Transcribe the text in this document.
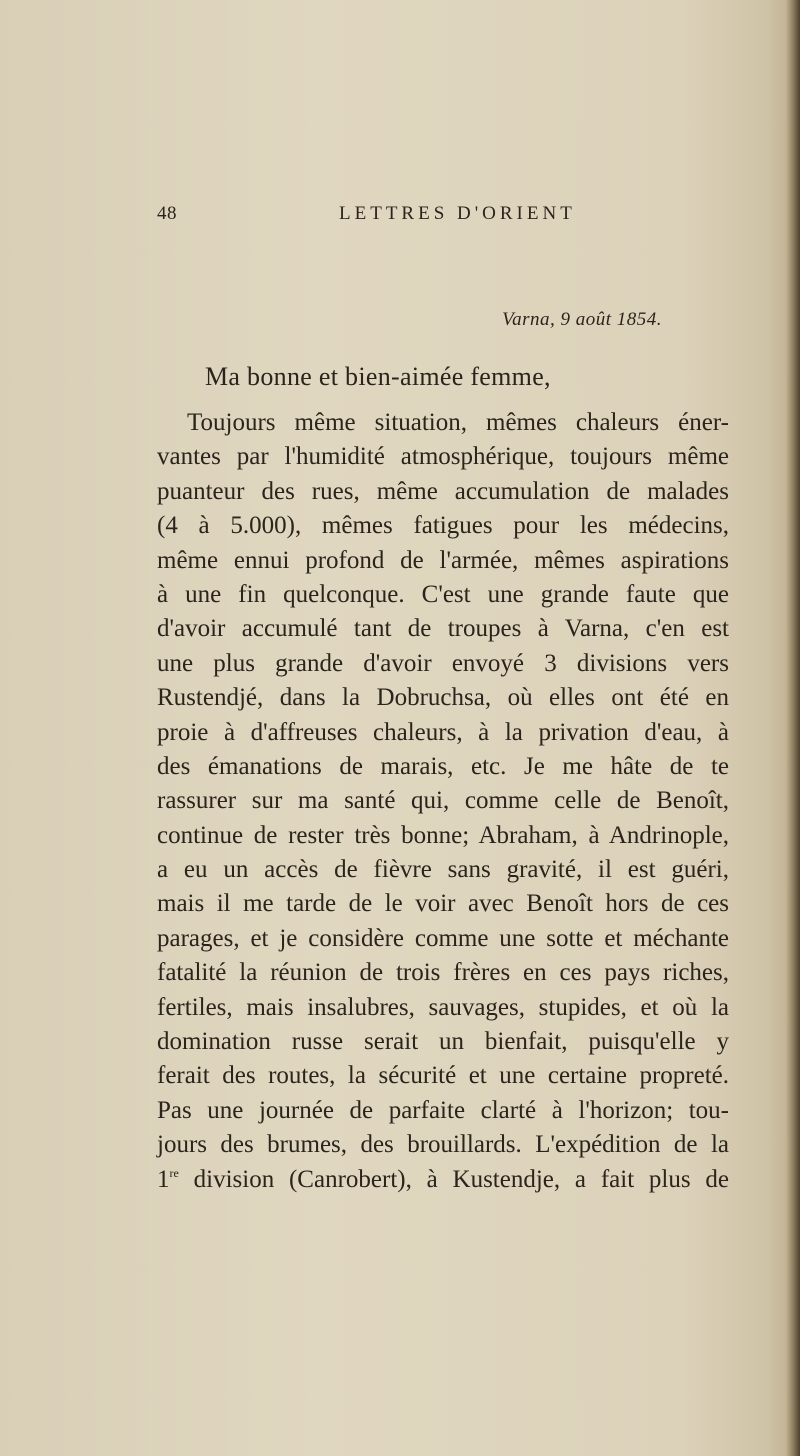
48	LETTRES D'ORIENT
Varna, 9 août 1854.
Ma bonne et bien-aimée femme,
Toujours même situation, mêmes chaleurs éner-
vantes par l'humidité atmosphérique, toujours même
puanteur des rues, même accumulation de malades
(4 à 5.000), mêmes fatigues pour les médecins,
même ennui profond de l'armée, mêmes aspirations
à une fin quelconque. C'est une grande faute que
d'avoir accumulé tant de troupes à Varna, c'en est
une plus grande d'avoir envoyé 3 divisions vers
Rustendjé, dans la Dobruchsa, où elles ont été en
proie à d'affreuses chaleurs, à la privation d'eau, à
des émanations de marais, etc. Je me hâte de te
rassurer sur ma santé qui, comme celle de Benoît,
continue de rester très bonne; Abraham, à Andrinople,
a eu un accès de fièvre sans gravité, il est guéri,
mais il me tarde de le voir avec Benoît hors de ces
parages, et je considère comme une sotte et méchante
fatalité la réunion de trois frères en ces pays riches,
fertiles, mais insalubres, sauvages, stupides, et où la
domination russe serait un bienfait, puisqu'elle y
ferait des routes, la sécurité et une certaine propreté.
Pas une journée de parfaite clarté à l'horizon; tou-
jours des brumes, des brouillards. L'expédition de la
1re division (Canrobert), à Kustendje, a fait plus de
